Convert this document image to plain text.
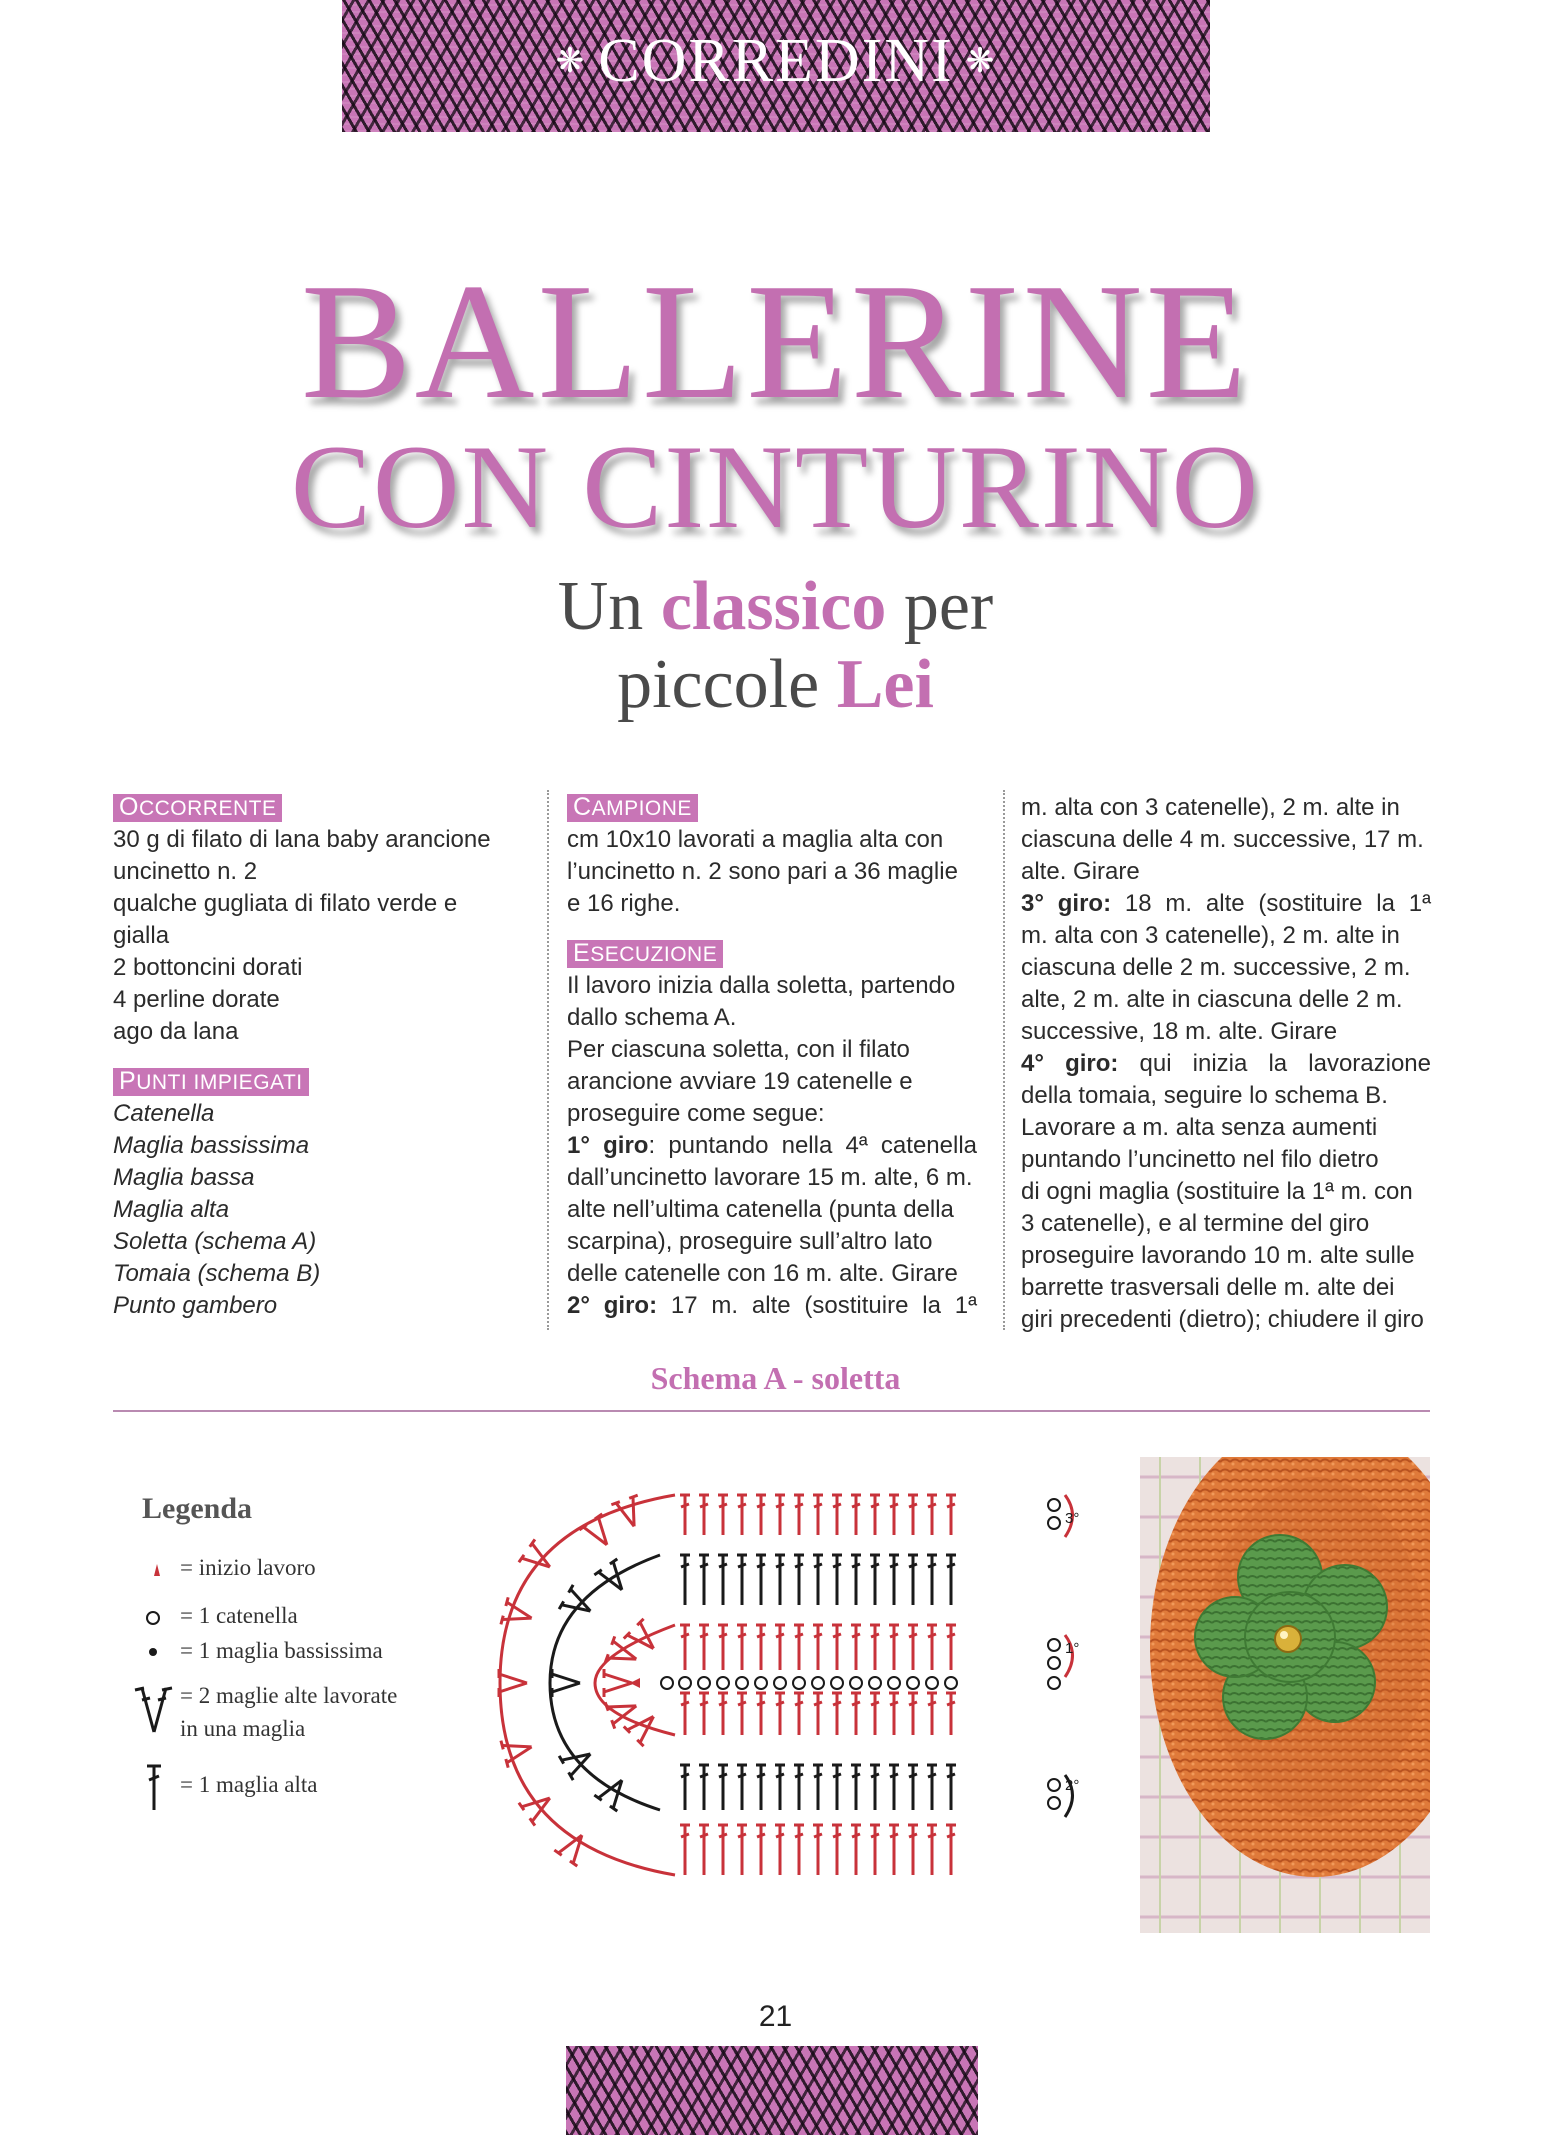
❋ CORREDINI ❋
BALLERINE
CON CINTURINO
Un classico per
piccole Lei
OCCORRENTE

30 g di filato di lana baby arancione

uncinetto n. 2

qualche gugliata di filato verde e

gialla

2 bottoncini dorati

4 perline dorate

ago da lana

PUNTI IMPIEGATI

Catenella

Maglia bassissima

Maglia bassa

Maglia alta

Soletta (schema A)

Tomaia (schema B)

Punto gambero

CAMPIONE

cm 10x10 lavorati a maglia alta con

l’uncinetto n. 2 sono pari a 36 maglie

e 16 righe.

ESECUZIONE

Il lavoro inizia dalla soletta, partendo

dallo schema A.

Per ciascuna soletta, con il filato

arancione avviare 19 catenelle e

proseguire come segue:

1° giro: puntando nella 4ª catenella

dall’uncinetto lavorare 15 m. alte, 6 m.

alte nell’ultima catenella (punta della

scarpina), proseguire sull’altro lato

delle catenelle con 16 m. alte. Girare

2° giro: 17 m. alte (sostituire la 1ª

m. alta con 3 catenelle), 2 m. alte in

ciascuna delle 4 m. successive, 17 m.

alte. Girare

3° giro: 18 m. alte (sostituire la 1ª

m. alta con 3 catenelle), 2 m. alte in

ciascuna delle 2 m. successive, 2 m.

alte, 2 m. alte in ciascuna delle 2 m.

successive, 18 m. alte. Girare

4° giro: qui inizia la lavorazione

della tomaia, seguire lo schema B.

Lavorare a m. alta senza aumenti

puntando l’uncinetto nel filo dietro

di ogni maglia (sostituire la 1ª m. con

3 catenelle), e al termine del giro

proseguire lavorando 10 m. alte sulle

barrette trasversali delle m. alte dei

giri precedenti (dietro); chiudere il giro

Schema A - soletta
Legenda
= inizio lavoro
= 1 catenella
= 1 maglia bassissima
= 2 maglie alte lavorate
in una maglia
= 1 maglia alta
3°
1°
2°
21
